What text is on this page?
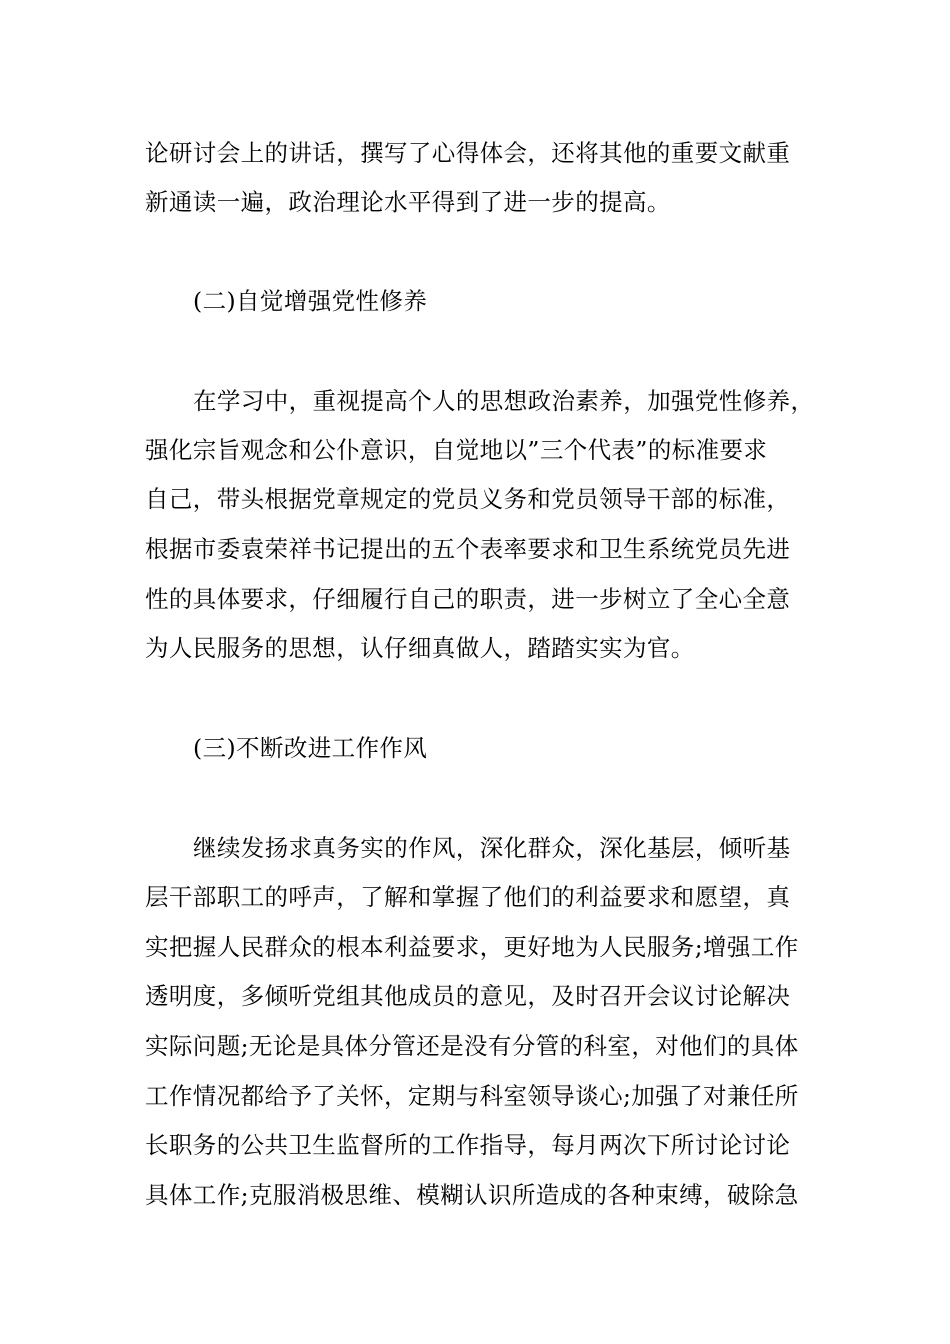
论研讨会上的讲话，撰写了心得体会，还将其他的重要文献重
新通读一遍，政治理论水平得到了进一步的提高。
(二)自觉增强党性修养
在学习中，重视提高个人的思想政治素养，加强党性修养，
强化宗旨观念和公仆意识，自觉地以”三个代表”的标准要求
自己，带头根据党章规定的党员义务和党员领导干部的标准，
根据市委袁荣祥书记提出的五个表率要求和卫生系统党员先进
性的具体要求，仔细履行自己的职责，进一步树立了全心全意
为人民服务的思想，认仔细真做人，踏踏实实为官。
(三)不断改进工作作风
继续发扬求真务实的作风，深化群众，深化基层，倾听基
层干部职工的呼声，了解和掌握了他们的利益要求和愿望，真
实把握人民群众的根本利益要求，更好地为人民服务;增强工作
透明度，多倾听党组其他成员的意见，及时召开会议讨论解决
实际问题;无论是具体分管还是没有分管的科室，对他们的具体
工作情况都给予了关怀，定期与科室领导谈心;加强了对兼任所
长职务的公共卫生监督所的工作指导，每月两次下所讨论讨论
具体工作;克服消极思维、模糊认识所造成的各种束缚，破除急
